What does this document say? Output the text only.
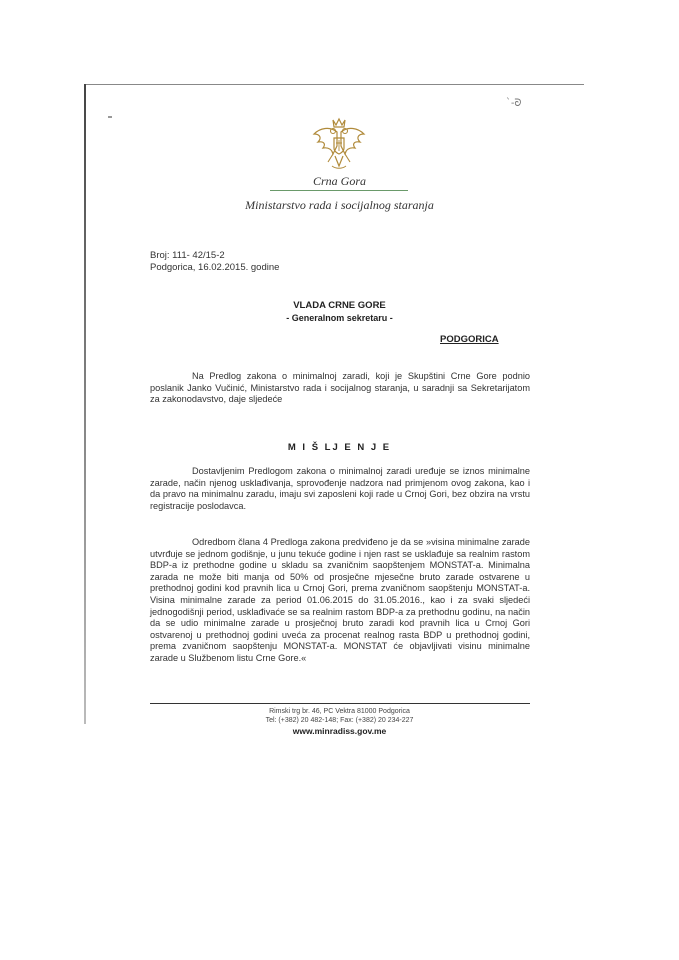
ˋ-ᘐ
Crna Gora
Ministarstvo rada i socijalnog staranja
Broj: 111- 42/15-2
Podgorica, 16.02.2015. godine
VLADA CRNE GORE
- Generalnom sekretaru -
PODGORICA

Na Predlog zakona o minimalnoj zaradi, koji je Skupštini Crne Gore podnio poslanik Janko Vučinić, Ministarstvo rada i socijalnog staranja, u saradnji sa Sekretarijatom za zakonodavstvo, daje sljedeće

M I Š LJ E N J E

Dostavljenim Predlogom zakona o minimalnoj zaradi uređuje se iznos minimalne zarade, način njenog usklađivanja, sprovođenje nadzora nad primjenom ovog zakona, kao i da pravo na minimalnu zaradu, imaju svi zaposleni koji rade u Crnoj Gori, bez obzira na vrstu registracije poslodavca.

Odredbom člana 4 Predloga zakona predviđeno je da se »visina minimalne zarade utvrđuje se jednom godišnje, u junu tekuće godine i njen rast se usklađuje sa realnim rastom BDP-a iz prethodne godine u skladu sa zvaničnim saopštenjem MONSTAT-a. Minimalna zarada ne može biti manja od 50% od prosječne mjesečne bruto zarade ostvarene u prethodnoj godini kod pravnih lica u Crnoj Gori, prema zvaničnom saopštenju MONSTAT-a. Visina minimalne zarade za period 01.06.2015 do 31.05.2016., kao i za svaki sljedeći jednogodišnji period, usklađivaće se sa realnim rastom BDP-a za prethodnu godinu, na način da se udio minimalne zarade u prosječnoj bruto zaradi kod pravnih lica u Crnoj Gori ostvarenoj u prethodnoj godini uveća za procenat realnog rasta BDP u prethodnoj godini, prema zvaničnom saopštenju MONSTAT-a. MONSTAT će objavljivati visinu minimalne zarade u Službenom listu Crne Gore.«

Rimski trg br. 46, PC Vektra 81000 Podgorica
Tel: (+382) 20 482-148; Fax: (+382) 20 234-227
www.minradiss.gov.me
